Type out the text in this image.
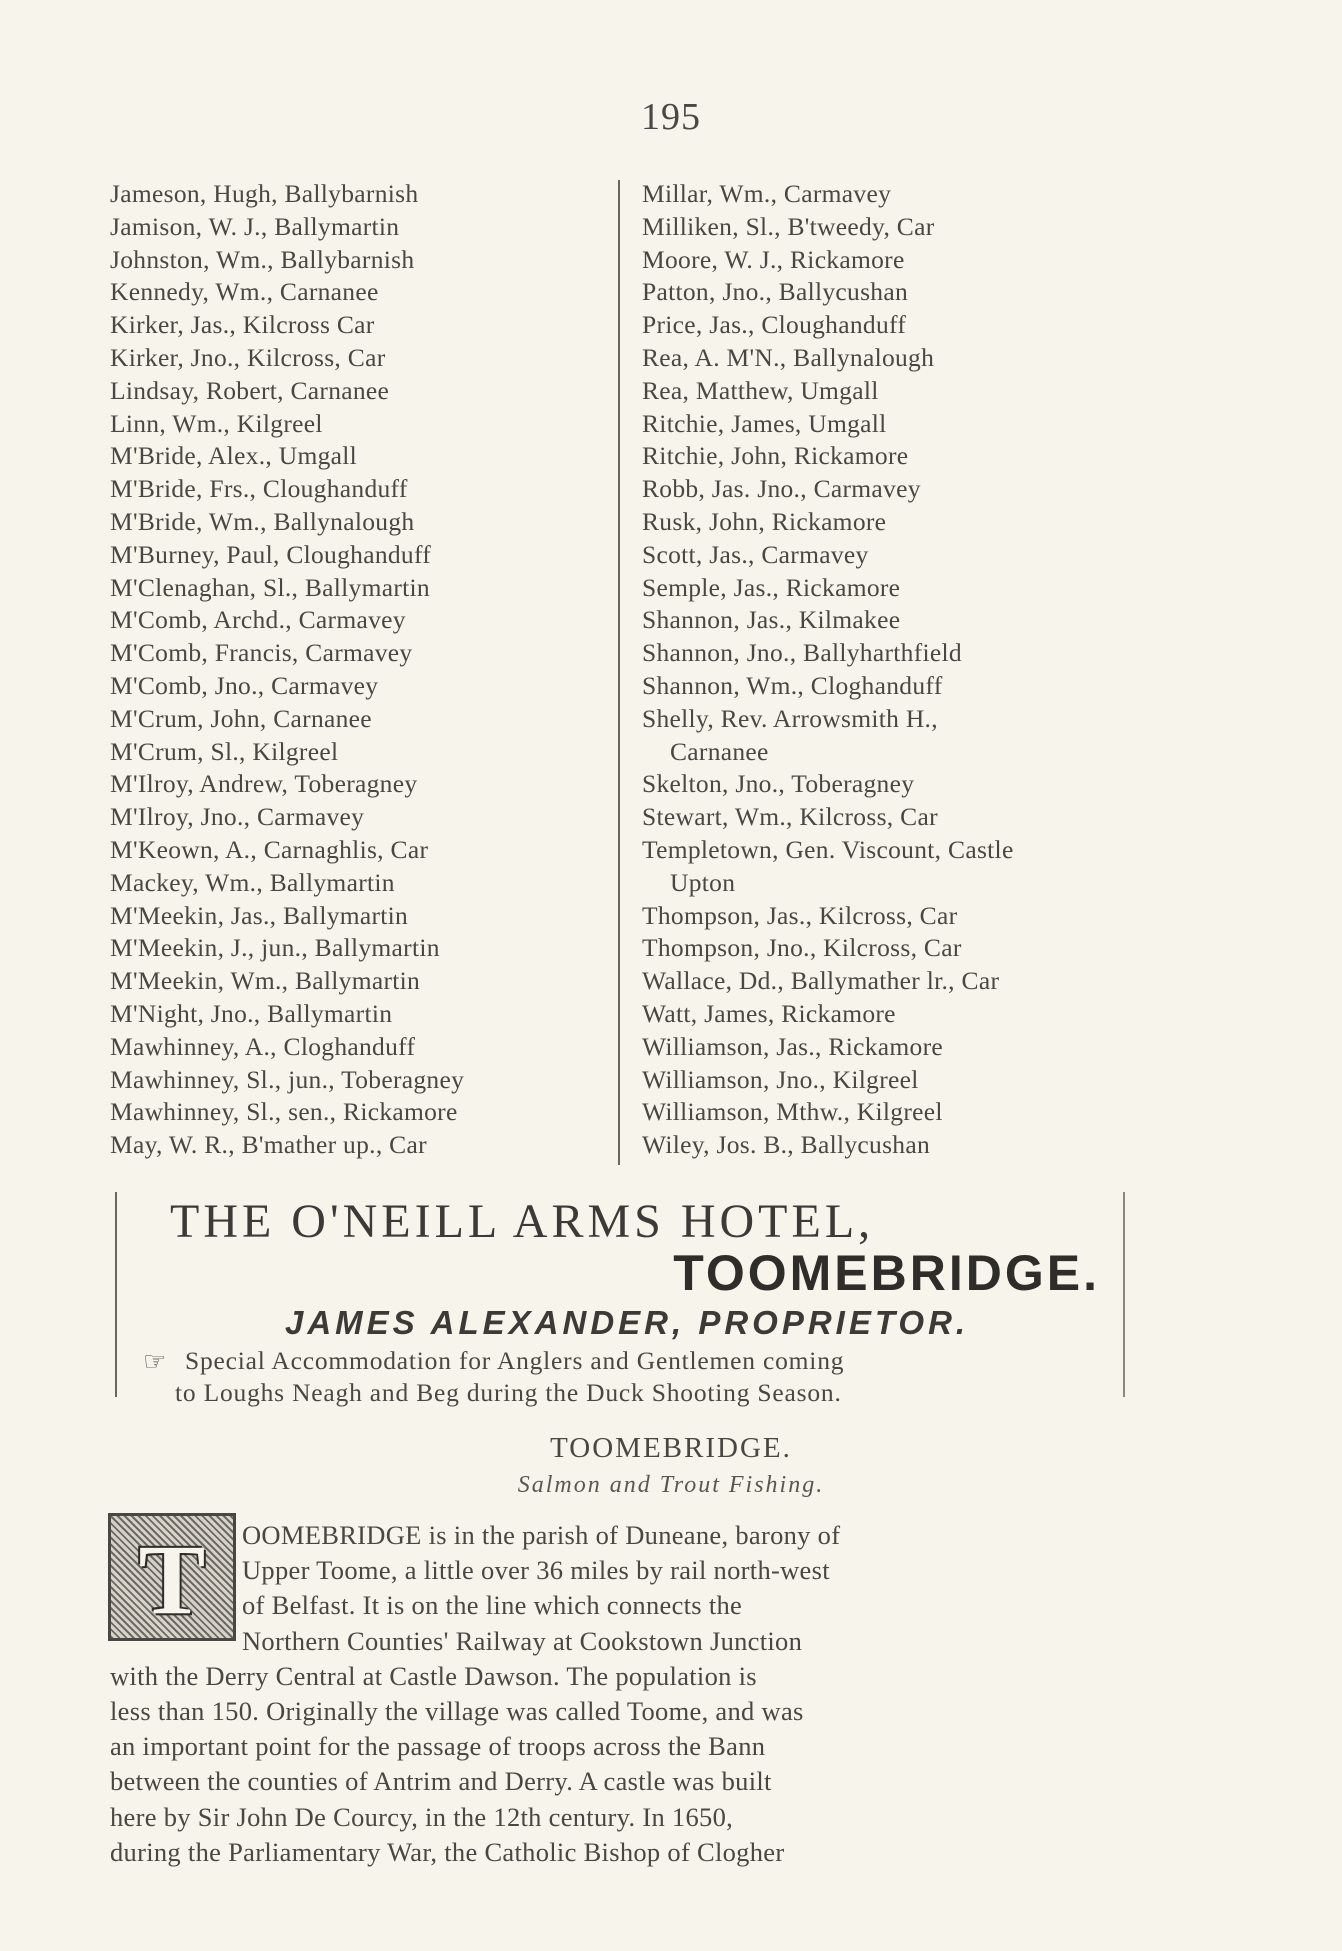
195
Jameson, Hugh, Ballybarnish
Jamison, W. J., Ballymartin
Johnston, Wm., Ballybarnish
Kennedy, Wm., Carnanee
Kirker, Jas., Kilcross Car
Kirker, Jno., Kilcross, Car
Lindsay, Robert, Carnanee
Linn, Wm., Kilgreel
M'Bride, Alex., Umgall
M'Bride, Frs., Cloughanduff
M'Bride, Wm., Ballynalough
M'Burney, Paul, Cloughanduff
M'Clenaghan, Sl., Ballymartin
M'Comb, Archd., Carmavey
M'Comb, Francis, Carmavey
M'Comb, Jno., Carmavey
M'Crum, John, Carnanee
M'Crum, Sl., Kilgreel
M'Ilroy, Andrew, Toberagney
M'Ilroy, Jno., Carmavey
M'Keown, A., Carnaghlis, Car
Mackey, Wm., Ballymartin
M'Meekin, Jas., Ballymartin
M'Meekin, J., jun., Ballymartin
M'Meekin, Wm., Ballymartin
M'Night, Jno., Ballymartin
Mawhinney, A., Cloghanduff
Mawhinney, Sl., jun., Toberagney
Mawhinney, Sl., sen., Rickamore
May, W. R., B'mather up., Car
Millar, Wm., Carmavey
Milliken, Sl., B'tweedy, Car
Moore, W. J., Rickamore
Patton, Jno., Ballycushan
Price, Jas., Cloughanduff
Rea, A. M'N., Ballynalough
Rea, Matthew, Umgall
Ritchie, James, Umgall
Ritchie, John, Rickamore
Robb, Jas. Jno., Carmavey
Rusk, John, Rickamore
Scott, Jas., Carmavey
Semple, Jas., Rickamore
Shannon, Jas., Kilmakee
Shannon, Jno., Ballyharthfield
Shannon, Wm., Cloghanduff
Shelly, Rev. Arrowsmith H.,
Carnanee
Skelton, Jno., Toberagney
Stewart, Wm., Kilcross, Car
Templetown, Gen. Viscount, Castle
Upton
Thompson, Jas., Kilcross, Car
Thompson, Jno., Kilcross, Car
Wallace, Dd., Ballymather lr., Car
Watt, James, Rickamore
Williamson, Jas., Rickamore
Williamson, Jno., Kilgreel
Williamson, Mthw., Kilgreel
Wiley, Jos. B., Ballycushan
THE O'NEILL ARMS HOTEL,
TOOMEBRIDGE.
JAMES ALEXANDER, PROPRIETOR.
☞ Special Accommodation for Anglers and Gentlemen coming
to Loughs Neagh and Beg during the Duck Shooting Season.
TOOMEBRIDGE.
Salmon and Trout Fishing.
T	OOMEBRIDGE is in the parish of Duneane, barony of
Upper Toome, a little over 36 miles by rail north-west
of Belfast. It is on the line which connects the
Northern Counties' Railway at Cookstown Junction
with the Derry Central at Castle Dawson. The population is
less than 150. Originally the village was called Toome, and was
an important point for the passage of troops across the Bann
between the counties of Antrim and Derry. A castle was built
here by Sir John De Courcy, in the 12th century. In 1650,
during the Parliamentary War, the Catholic Bishop of Clogher
